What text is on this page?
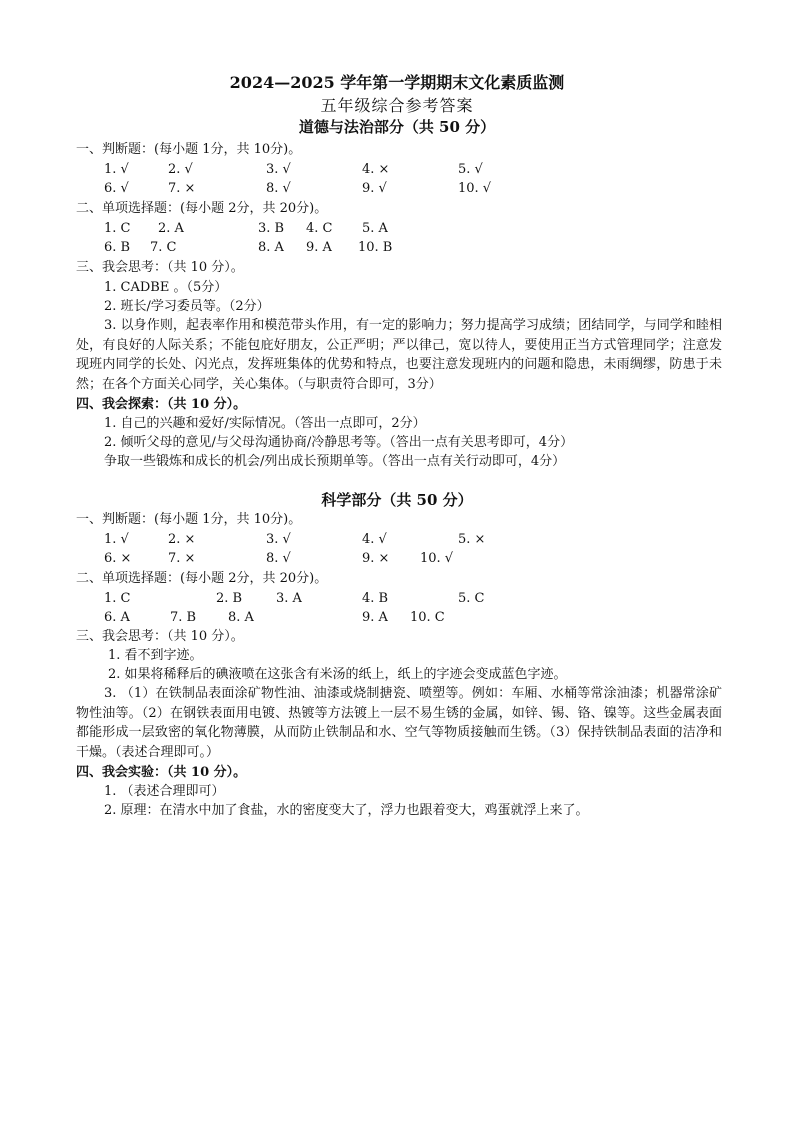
2024—2025 学年第一学期期末文化素质监测
五年级综合参考答案
道德与法治部分（共 50 分）
一、判断题：(每小题 1分，共 10分)。
1. √	2. √	3. √	4. ×	5. √
6. √	7. ×	8. √	9. √	10. √
二、单项选择题：(每小题 2分，共 20分)。
1. C 2. A	3. B 4. C 5. A
6. B 7. C	8. A 9. A 10. B
三、我会思考：（共 10 分）。
1. CADBE 。（5分）
2. 班长/学习委员等。（2分）
3. 以身作则，起表率作用和模范带头作用，有一定的影响力；努力提高学习成绩；团结同学，与同学和睦相处，有良好的人际关系；不能包庇好朋友，公正严明；严以律己，宽以待人，要使用正当方式管理同学；注意发现班内同学的长处、闪光点，发挥班集体的优势和特点，也要注意发现班内的问题和隐患，未雨绸缪，防患于未然；在各个方面关心同学，关心集体。（与职责符合即可，3分）
四、我会探索：（共 10 分）。
1. 自己的兴趣和爱好/实际情况。（答出一点即可，2分）
2. 倾听父母的意见/与父母沟通协商/冷静思考等。（答出一点有关思考即可，4分）
争取一些锻炼和成长的机会/列出成长预期单等。（答出一点有关行动即可，4分）
科学部分（共 50 分）
一、判断题：(每小题 1分，共 10分)。
1. √	2. ×	3. √	4. √	5. ×
6. ×	7. ×	8. √	9. × 10. √
二、单项选择题：(每小题 2分，共 20分)。
1. C	2. B	3. A	4. B	5. C
6. A	7. B 8. A	9. A 10. C
三、我会思考：（共 10 分）。
1. 看不到字迹。
2. 如果将稀释后的碘液喷在这张含有米汤的纸上，纸上的字迹会变成蓝色字迹。
3. （1）在铁制品表面涂矿物性油、油漆或烧制搪瓷、喷塑等。例如：车厢、水桶等常涂油漆；机器常涂矿物性油等。（2）在钢铁表面用电镀、热镀等方法镀上一层不易生锈的金属，如锌、锡、铬、镍等。这些金属表面都能形成一层致密的氧化物薄膜，从而防止铁制品和水、空气等物质接触而生锈。（3）保持铁制品表面的洁净和干燥。（表述合理即可。）
四、我会实验：（共 10 分）。
1. （表述合理即可）
2. 原理：在清水中加了食盐，水的密度变大了，浮力也跟着变大，鸡蛋就浮上来了。
